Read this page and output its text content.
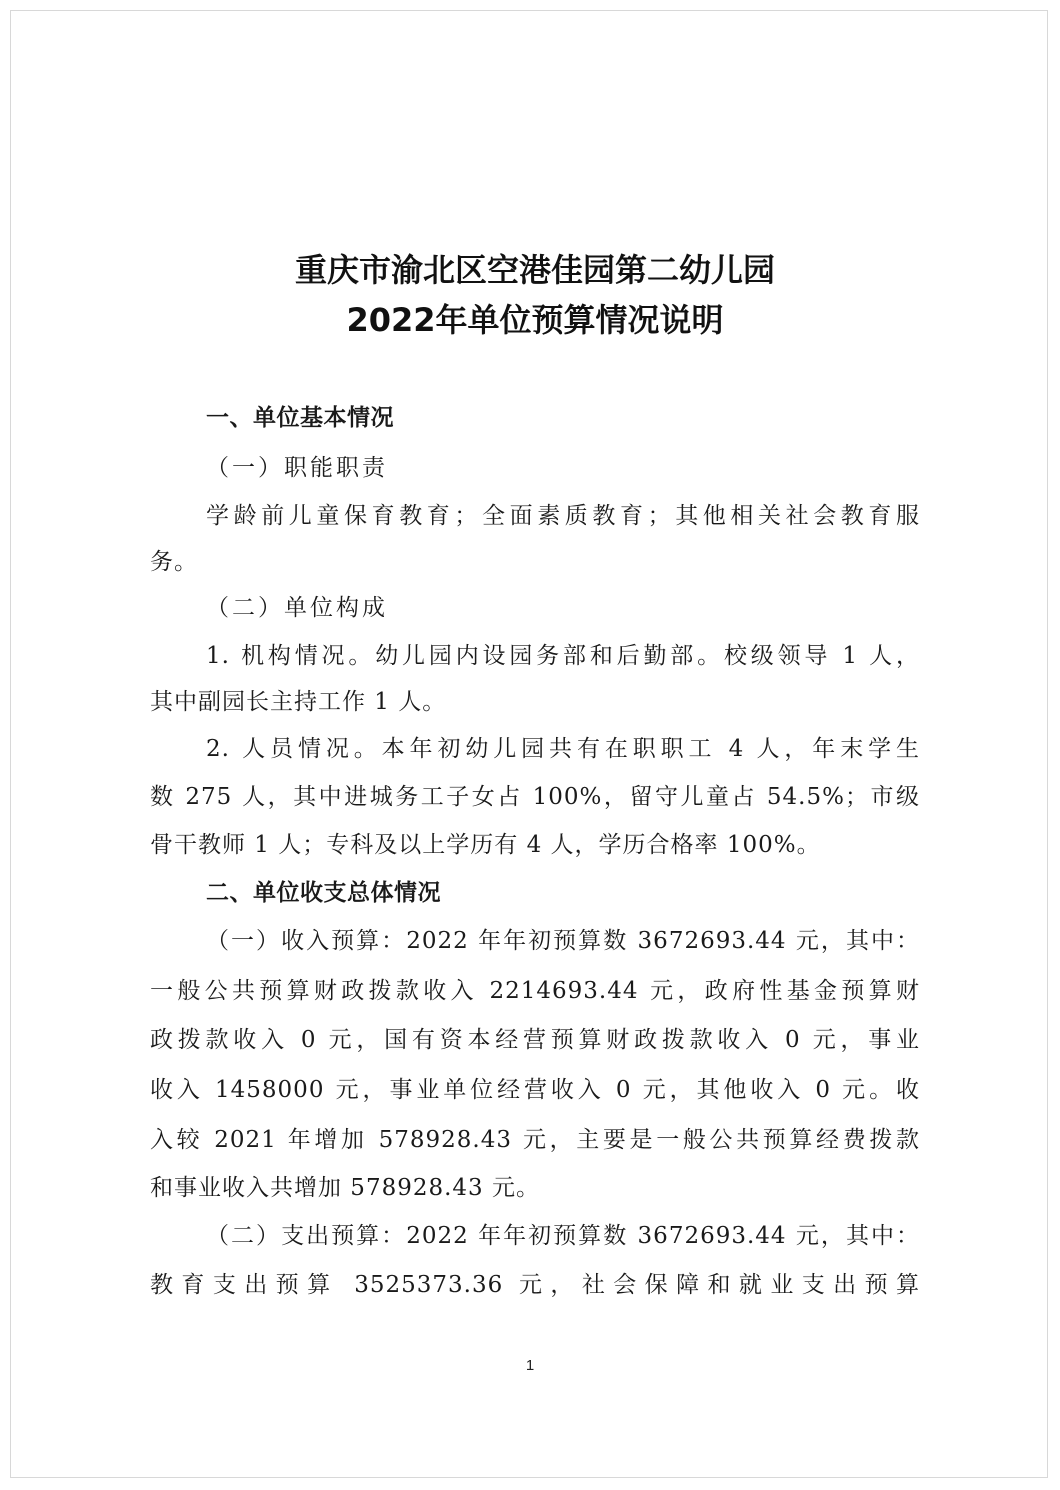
重庆市渝北区空港佳园第二幼儿园
2022年单位预算情况说明
一、单位基本情况
（一）职能职责
学龄前儿童保育教育；全面素质教育；其他相关社会教育服
务。
（二）单位构成
1. 机构情况。幼儿园内设园务部和后勤部。校级领导 1 人，
其中副园长主持工作 1 人。
2. 人员情况。本年初幼儿园共有在职职工 4 人，年末学生
数 275 人，其中进城务工子女占 100%，留守儿童占 54.5%；市级
骨干教师 1 人；专科及以上学历有 4 人，学历合格率 100%。
二、单位收支总体情况
（一）收入预算：2022 年年初预算数 3672693.44 元，其中：
一般公共预算财政拨款收入 2214693.44 元，政府性基金预算财
政拨款收入 0 元，国有资本经营预算财政拨款收入 0 元，事业
收入 1458000 元，事业单位经营收入 0 元，其他收入 0 元。收
入较 2021 年增加 578928.43 元，主要是一般公共预算经费拨款
和事业收入共增加 578928.43 元。
（二）支出预算：2022 年年初预算数 3672693.44 元，其中：
教育支出预算 3525373.36 元，社会保障和就业支出预算
1
